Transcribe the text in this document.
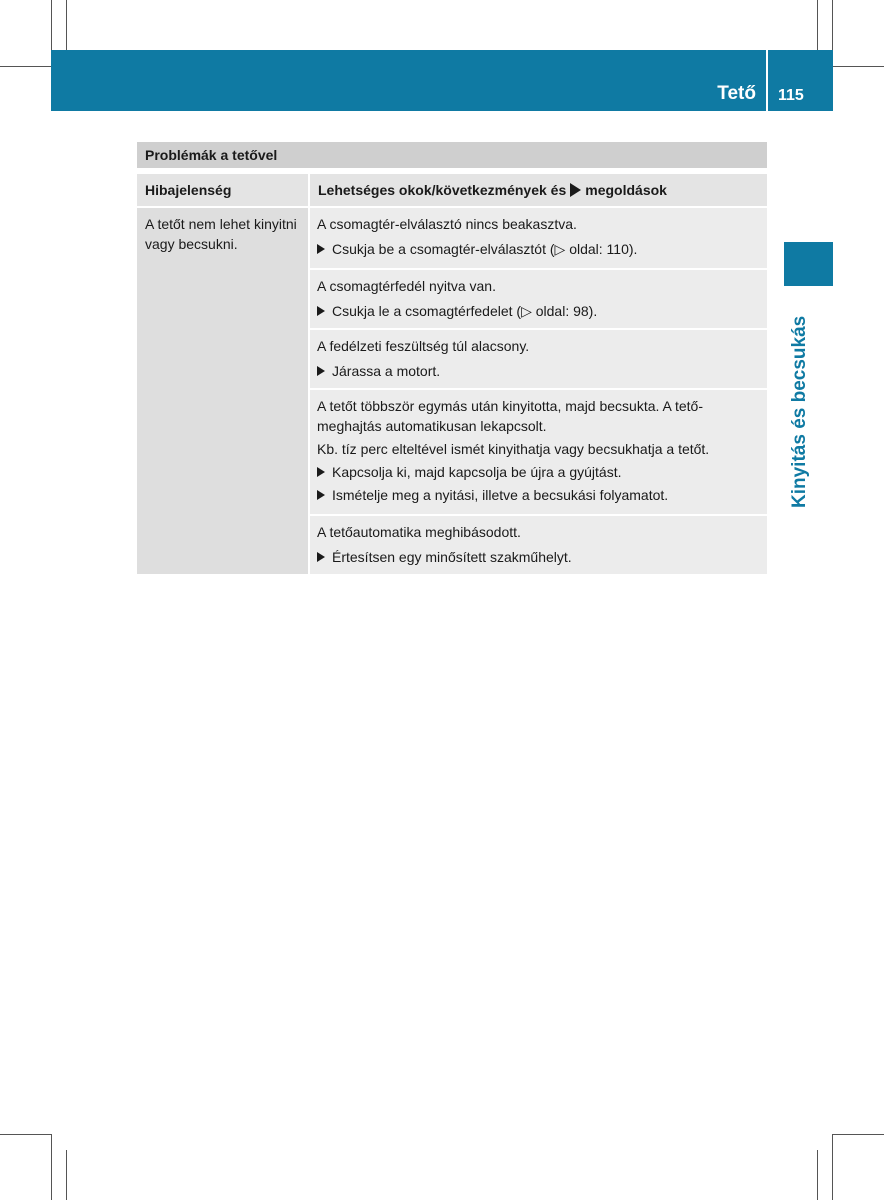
Tető 115
Kinyitás és becsukás
Problémák a tetővel
Hibajelenség	Lehetséges okok/következmények és megoldások
A tetőt nem lehet kinyitni vagy becsukni.
A csomagtér-elválasztó nincs beakasztva.
Csukja be a csomagtér-elválasztót (▷ oldal: 110).
A csomagtérfedél nyitva van.
Csukja le a csomagtérfedelet (▷ oldal: 98).
A fedélzeti feszültség túl alacsony.
Járassa a motort.
A tetőt többször egymás után kinyitotta, majd becsukta. A tető-meghajtás automatikusan lekapcsolt.
Kb. tíz perc elteltével ismét kinyithatja vagy becsukhatja a tetőt.
Kapcsolja ki, majd kapcsolja be újra a gyújtást.
Ismételje meg a nyitási, illetve a becsukási folyamatot.
A tetőautomatika meghibásodott.
Értesítsen egy minősített szakműhelyt.
